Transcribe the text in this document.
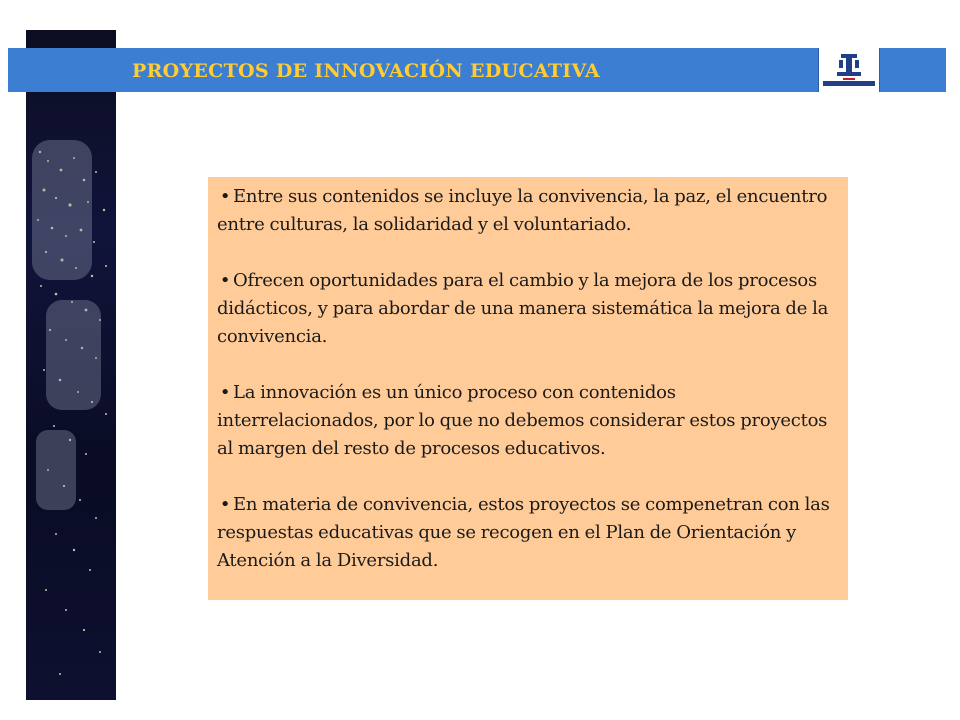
PROYECTOS DE INNOVACIÓN EDUCATIVA

• Entre sus contenidos se incluye la convivencia, la paz, el encuentro entre culturas, la solidaridad y el voluntariado.

• Ofrecen oportunidades para el cambio y la mejora de los procesos didácticos, y para abordar de una manera sistemática la mejora de la convivencia.

• La innovación es un único proceso con contenidos interrelacionados, por lo que no debemos considerar estos proyectos al margen del resto de procesos educativos.

• En materia de convivencia, estos proyectos se compenetran con las respuestas educativas que se recogen en el Plan de Orientación y Atención a la Diversidad.
